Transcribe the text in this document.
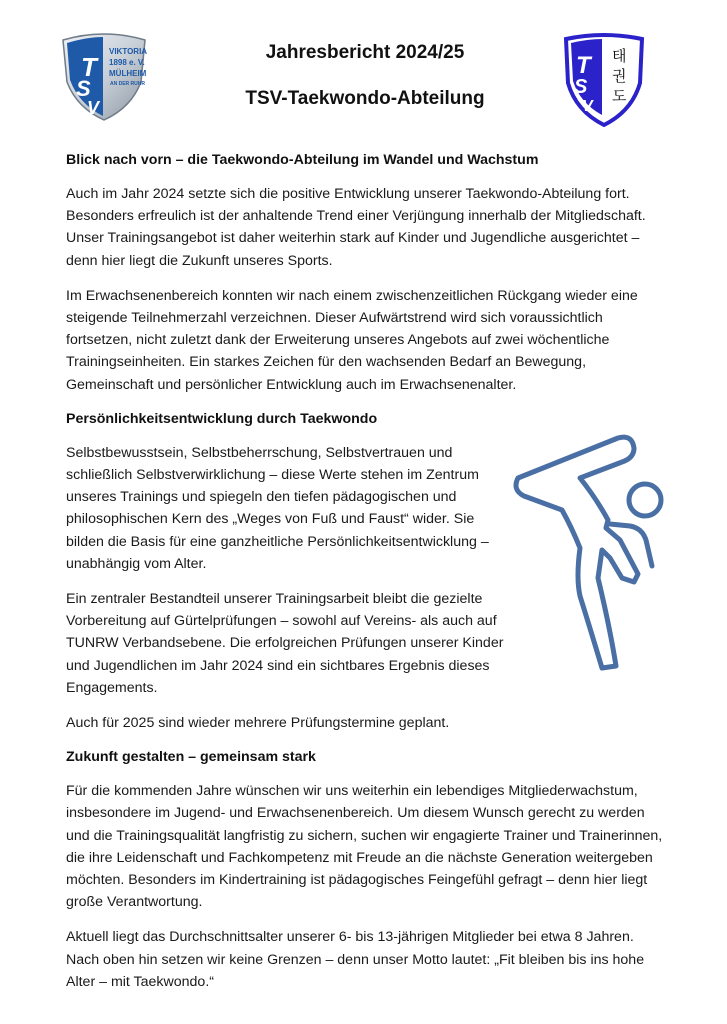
T
S
V
VIKTORIA
1898 e. V.
MÜLHEIM
AN DER RUHR
Jahresbericht 2024/25
TSV-Taekwondo-Abteilung
T
S
V
태
권
도
Blick nach vorn – die Taekwondo-Abteilung im Wandel und Wachstum

Auch im Jahr 2024 setzte sich die positive Entwicklung unserer Taekwondo-Abteilung fort. Besonders erfreulich ist der anhaltende Trend einer Verjüngung innerhalb der Mitgliedschaft. Unser Trainingsangebot ist daher weiterhin stark auf Kinder und Jugendliche ausgerichtet – denn hier liegt die Zukunft unseres Sports.

Im Erwachsenenbereich konnten wir nach einem zwischenzeitlichen Rückgang wieder eine steigende Teilnehmerzahl verzeichnen. Dieser Aufwärtstrend wird sich voraussichtlich fortsetzen, nicht zuletzt dank der Erweiterung unseres Angebots auf zwei wöchentliche Trainingseinheiten. Ein starkes Zeichen für den wachsenden Bedarf an Bewegung, Gemeinschaft und persönlicher Entwicklung auch im Erwachsenenalter.

Persönlichkeitsentwicklung durch Taekwondo

Selbstbewusstsein, Selbstbeherrschung, Selbstvertrauen und schließlich Selbstverwirklichung – diese Werte stehen im Zentrum unseres Trainings und spiegeln den tiefen pädagogischen und philosophischen Kern des „Weges von Fuß und Faust“ wider. Sie bilden die Basis für eine ganzheitliche Persönlichkeitsentwicklung – unabhängig vom Alter.

Ein zentraler Bestandteil unserer Trainingsarbeit bleibt die gezielte Vorbereitung auf Gürtelprüfungen – sowohl auf Vereins- als auch auf TUNRW Verbandsebene. Die erfolgreichen Prüfungen unserer Kinder und Jugendlichen im Jahr 2024 sind ein sichtbares Ergebnis dieses Engagements.

Auch für 2025 sind wieder mehrere Prüfungstermine geplant.

Zukunft gestalten – gemeinsam stark

Für die kommenden Jahre wünschen wir uns weiterhin ein lebendiges Mitgliederwachstum, insbesondere im Jugend- und Erwachsenenbereich. Um diesem Wunsch gerecht zu werden und die Trainingsqualität langfristig zu sichern, suchen wir engagierte Trainer und Trainerinnen, die ihre Leidenschaft und Fachkompetenz mit Freude an die nächste Generation weitergeben möchten. Besonders im Kindertraining ist pädagogisches Feingefühl gefragt – denn hier liegt große Verantwortung.

Aktuell liegt das Durchschnittsalter unserer 6- bis 13-jährigen Mitglieder bei etwa 8 Jahren. Nach oben hin setzen wir keine Grenzen – denn unser Motto lautet: „Fit bleiben bis ins hohe Alter – mit Taekwondo.“
